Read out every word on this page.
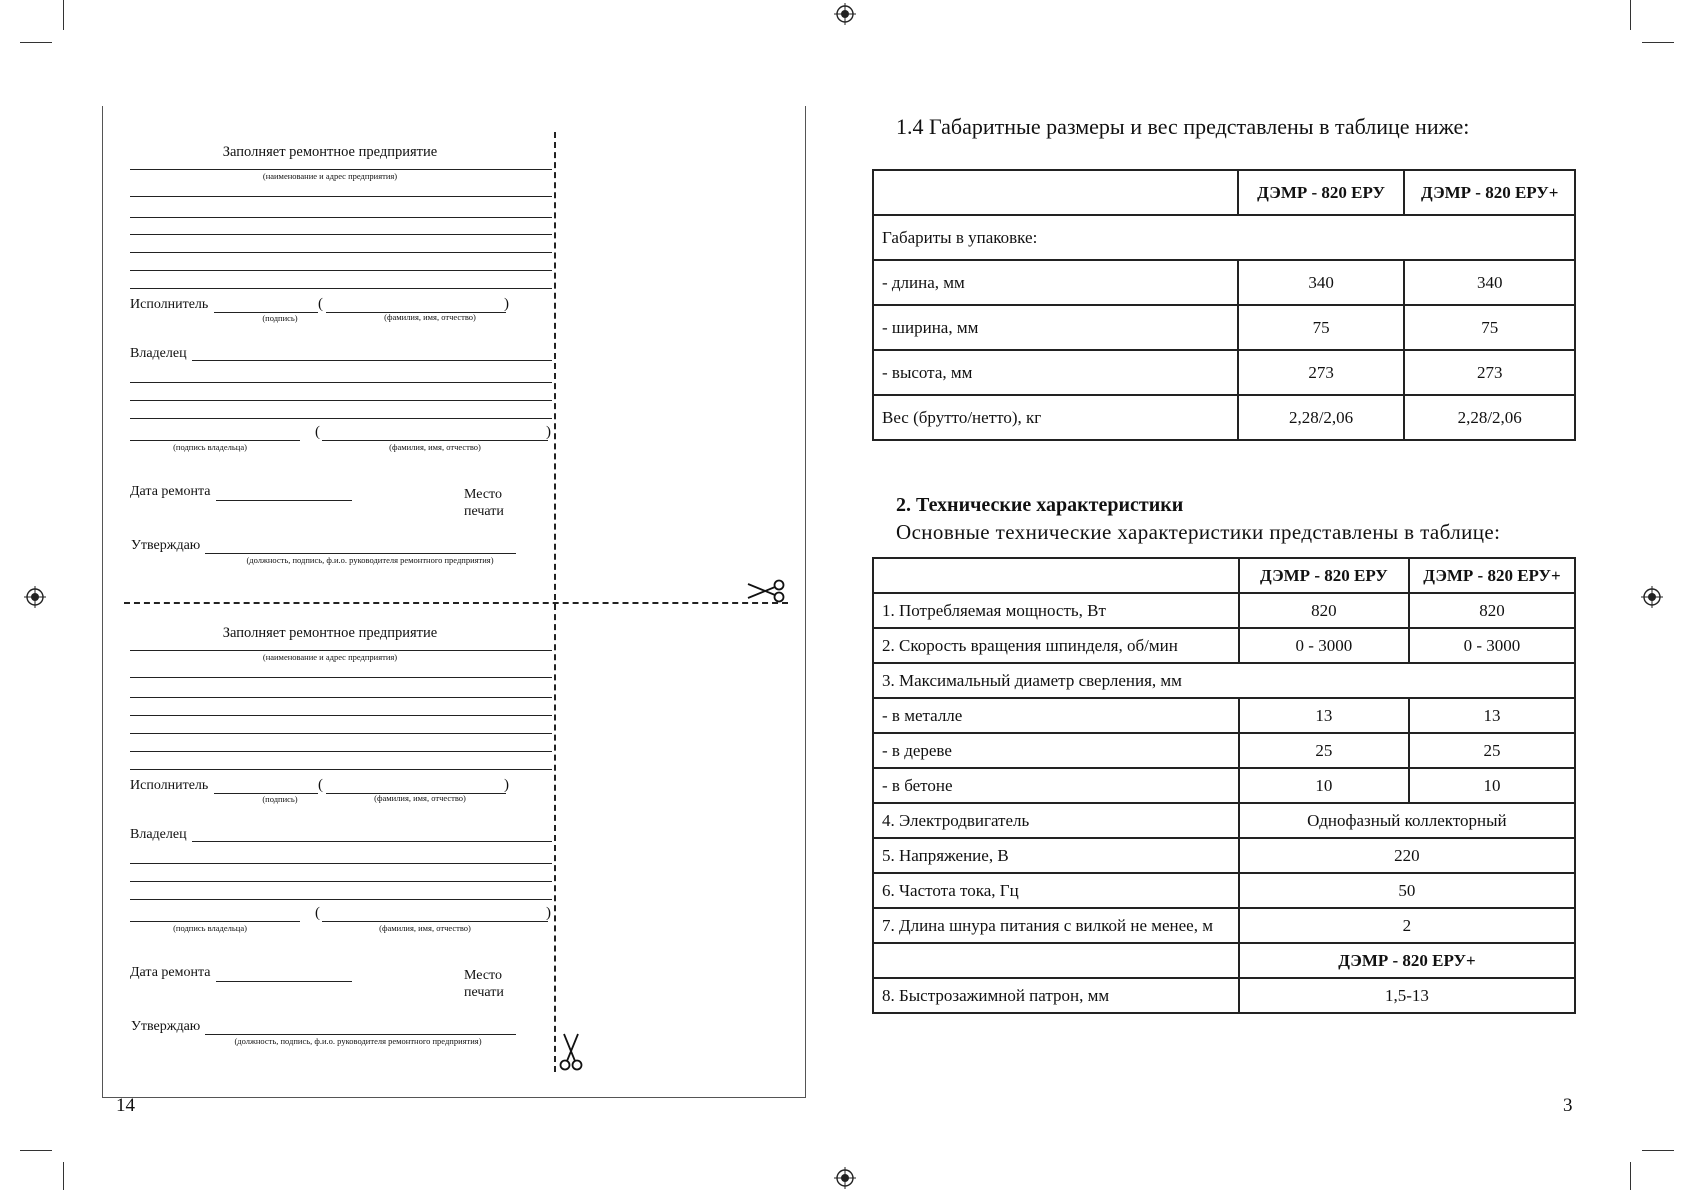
Заполняет ремонтное предприятие
(наименование и адрес предприятия)
Исполнитель	(	)
(подпись)	(фамилия, имя, отчество)
Владелец
(	)
(подпись владельца)	(фамилия, имя, отчество)
Дата ремонта	Место
печати
Утверждаю
(должность, подпись, ф.и.о. руководителя ремонтного предприятия)
Заполняет ремонтное предприятие
(наименование и адрес предприятия)
Исполнитель	(	)
(подпись)	(фамилия, имя, отчество)
Владелец
(	)
(подпись владельца)	(фамилия, имя, отчество)
Дата ремонта	Место
печати
Утверждаю
(должность, подпись, ф.и.о. руководителя ремонтного предприятия)
14
1.4 Габаритные размеры и вес представлены в таблице ниже:
	ДЭМР - 820 ЕРУ	ДЭМР - 820 ЕРУ+
Габариты в упаковке:		
- длина, мм	340	340
- ширина, мм	75	75
- высота, мм	273	273
Вес (брутто/нетто), кг	2,28/2,06	2,28/2,06
2. Технические характеристики
Основные технические характеристики представлены в таблице:
	ДЭМР - 820 ЕРУ	ДЭМР - 820 ЕРУ+
1. Потребляемая мощность, Вт	820	820
2. Скорость вращения шпинделя, об/мин	0 - 3000	0 - 3000
3. Максимальный диаметр сверления, мм		
- в металле	13	13
- в дереве	25	25
- в бетоне	10	10
4. Электродвигатель	Однофазный коллекторный	
5. Напряжение, В	220	
6. Частота тока, Гц	50	
7. Длина шнура питания с вилкой не менее, м	2	
	ДЭМР - 820 ЕРУ+	
8. Быстрозажимной патрон, мм	1,5-13	
3
